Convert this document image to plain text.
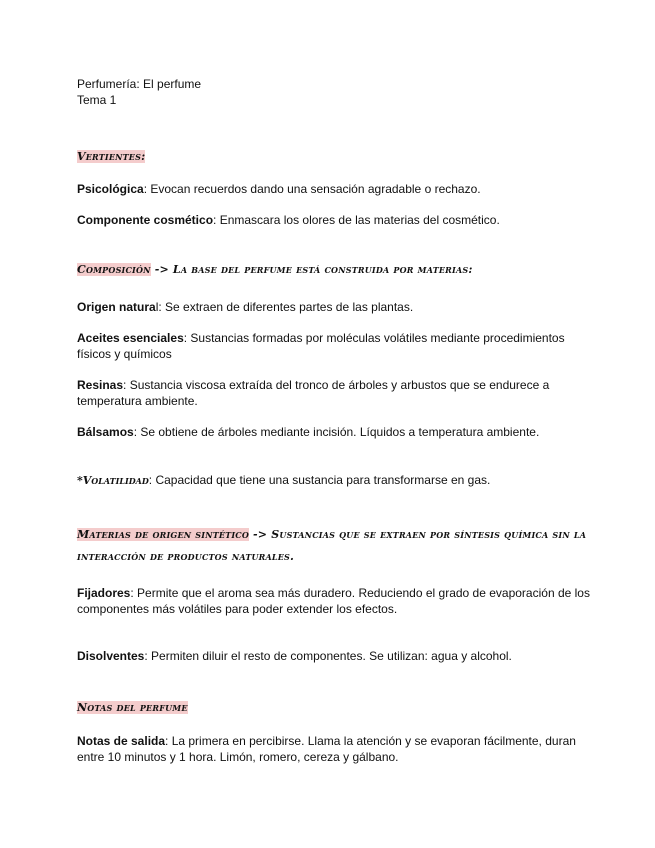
Perfumería: El perfume
Tema 1
Vertientes:
Psicológica: Evocan recuerdos dando una sensación agradable o rechazo.
Componente cosmético: Enmascara los olores de las materias del cosmético.
Composición -> La base del perfume está construida por materias:
Origen natural: Se extraen de diferentes partes de las plantas.
Aceites esenciales: Sustancias formadas por moléculas volátiles mediante procedimientos físicos y químicos
Resinas: Sustancia viscosa extraída del tronco de árboles y arbustos que se endurece a temperatura ambiente.
Bálsamos: Se obtiene de árboles mediante incisión. Líquidos a temperatura ambiente.
*Volatilidad: Capacidad que tiene una sustancia para transformarse en gas.
Materias de origen sintético -> Sustancias que se extraen por síntesis química sin la interacción de productos naturales.
Fijadores: Permite que el aroma sea más duradero. Reduciendo el grado de evaporación de los componentes más volátiles para poder extender los efectos.
Disolventes: Permiten diluir el resto de componentes. Se utilizan: agua y alcohol.
Notas del perfume
Notas de salida: La primera en percibirse. Llama la atención y se evaporan fácilmente, duran entre 10 minutos y 1 hora. Limón, romero, cereza y gálbano.
